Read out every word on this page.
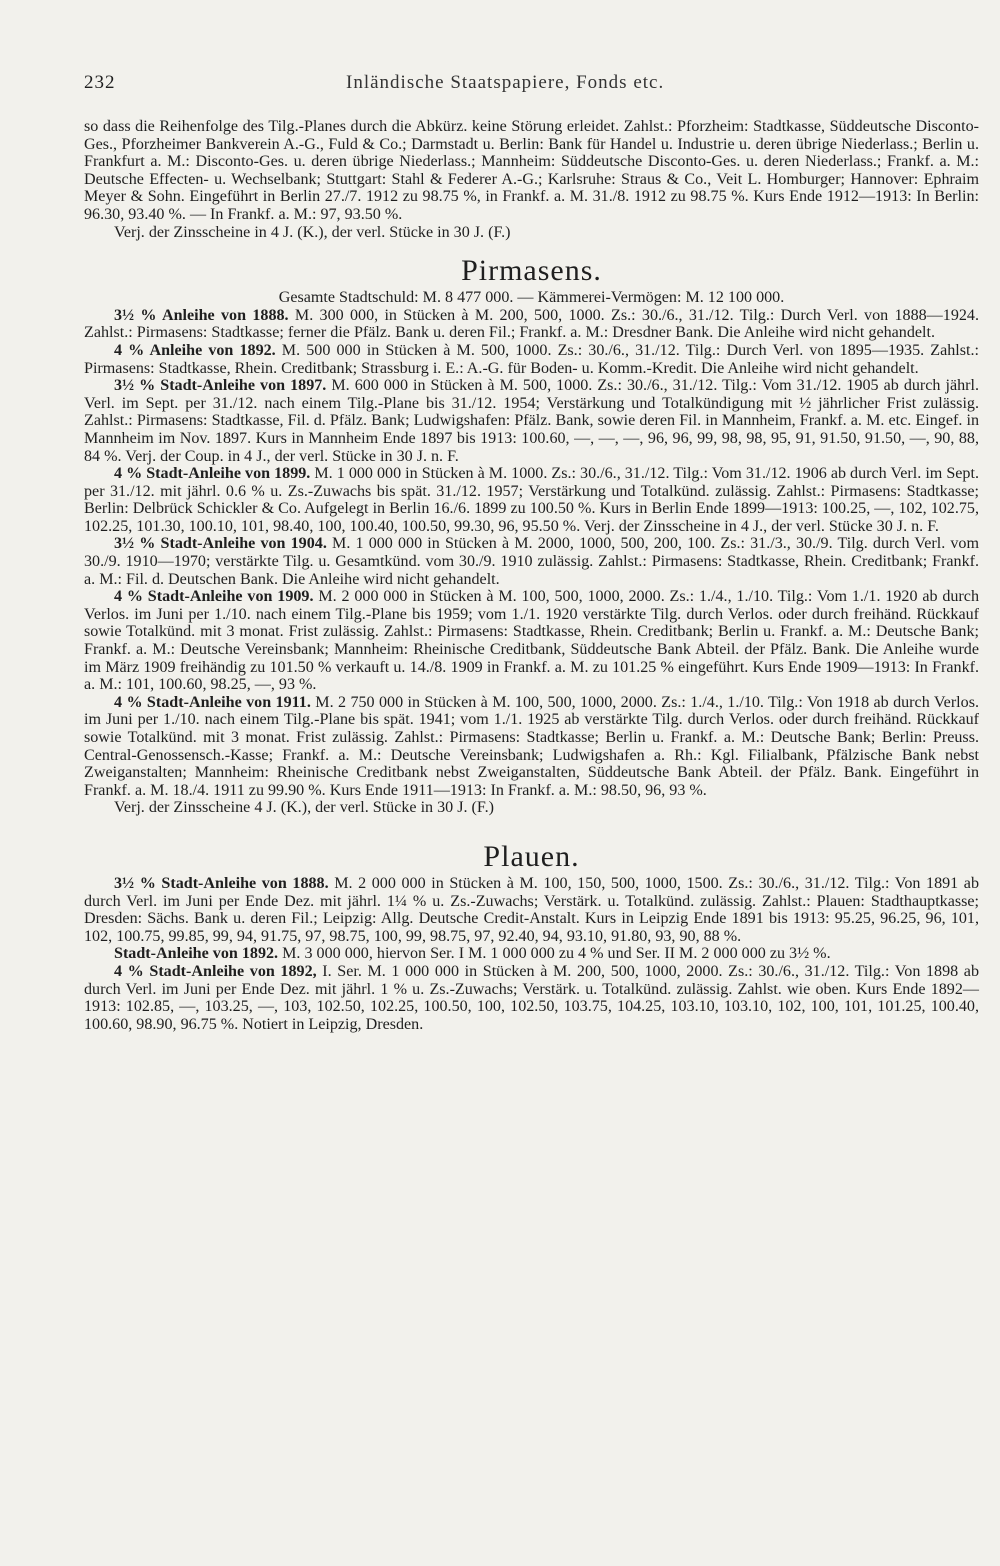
232	Inländische Staatspapiere, Fonds etc.

so dass die Reihenfolge des Tilg.-Planes durch die Abkürz. keine Störung erleidet. Zahlst.: Pforzheim: Stadtkasse, Süddeutsche Disconto-Ges., Pforzheimer Bankverein A.-G., Fuld & Co.; Darmstadt u. Berlin: Bank für Handel u. Industrie u. deren übrige Niederlass.; Berlin u. Frankfurt a. M.: Disconto-Ges. u. deren übrige Niederlass.; Mannheim: Süddeutsche Disconto-Ges. u. deren Niederlass.; Frankf. a. M.: Deutsche Effecten- u. Wechselbank; Stuttgart: Stahl & Federer A.-G.; Karlsruhe: Straus & Co., Veit L. Homburger; Hannover: Ephraim Meyer & Sohn. Eingeführt in Berlin 27./7. 1912 zu 98.75 %, in Frankf. a. M. 31./8. 1912 zu 98.75 %. Kurs Ende 1912—1913: In Berlin: 96.30, 93.40 %. — In Frankf. a. M.: 97, 93.50 %.

Verj. der Zinsscheine in 4 J. (K.), der verl. Stücke in 30 J. (F.)

Pirmasens.

Gesamte Stadtschuld: M. 8 477 000. — Kämmerei-Vermögen: M. 12 100 000.

3½ % Anleihe von 1888. M. 300 000, in Stücken à M. 200, 500, 1000. Zs.: 30./6., 31./12. Tilg.: Durch Verl. von 1888—1924. Zahlst.: Pirmasens: Stadtkasse; ferner die Pfälz. Bank u. deren Fil.; Frankf. a. M.: Dresdner Bank. Die Anleihe wird nicht gehandelt.

4 % Anleihe von 1892. M. 500 000 in Stücken à M. 500, 1000. Zs.: 30./6., 31./12. Tilg.: Durch Verl. von 1895—1935. Zahlst.: Pirmasens: Stadtkasse, Rhein. Creditbank; Strassburg i. E.: A.-G. für Boden- u. Komm.-Kredit. Die Anleihe wird nicht gehandelt.

3½ % Stadt-Anleihe von 1897. M. 600 000 in Stücken à M. 500, 1000. Zs.: 30./6., 31./12. Tilg.: Vom 31./12. 1905 ab durch jährl. Verl. im Sept. per 31./12. nach einem Tilg.-Plane bis 31./12. 1954; Verstärkung und Totalkündigung mit ½ jährlicher Frist zulässig. Zahlst.: Pirmasens: Stadtkasse, Fil. d. Pfälz. Bank; Ludwigshafen: Pfälz. Bank, sowie deren Fil. in Mannheim, Frankf. a. M. etc. Eingef. in Mannheim im Nov. 1897. Kurs in Mannheim Ende 1897 bis 1913: 100.60, —, —, —, 96, 96, 99, 98, 98, 95, 91, 91.50, 91.50, —, 90, 88, 84 %. Verj. der Coup. in 4 J., der verl. Stücke in 30 J. n. F.

4 % Stadt-Anleihe von 1899. M. 1 000 000 in Stücken à M. 1000. Zs.: 30./6., 31./12. Tilg.: Vom 31./12. 1906 ab durch Verl. im Sept. per 31./12. mit jährl. 0.6 % u. Zs.-Zuwachs bis spät. 31./12. 1957; Verstärkung und Totalkünd. zulässig. Zahlst.: Pirmasens: Stadtkasse; Berlin: Delbrück Schickler & Co. Aufgelegt in Berlin 16./6. 1899 zu 100.50 %. Kurs in Berlin Ende 1899—1913: 100.25, —, 102, 102.75, 102.25, 101.30, 100.10, 101, 98.40, 100, 100.40, 100.50, 99.30, 96, 95.50 %. Verj. der Zinsscheine in 4 J., der verl. Stücke 30 J. n. F.

3½ % Stadt-Anleihe von 1904. M. 1 000 000 in Stücken à M. 2000, 1000, 500, 200, 100. Zs.: 31./3., 30./9. Tilg. durch Verl. vom 30./9. 1910—1970; verstärkte Tilg. u. Gesamtkünd. vom 30./9. 1910 zulässig. Zahlst.: Pirmasens: Stadtkasse, Rhein. Creditbank; Frankf. a. M.: Fil. d. Deutschen Bank. Die Anleihe wird nicht gehandelt.

4 % Stadt-Anleihe von 1909. M. 2 000 000 in Stücken à M. 100, 500, 1000, 2000. Zs.: 1./4., 1./10. Tilg.: Vom 1./1. 1920 ab durch Verlos. im Juni per 1./10. nach einem Tilg.-Plane bis 1959; vom 1./1. 1920 verstärkte Tilg. durch Verlos. oder durch freihänd. Rückkauf sowie Totalkünd. mit 3 monat. Frist zulässig. Zahlst.: Pirmasens: Stadtkasse, Rhein. Creditbank; Berlin u. Frankf. a. M.: Deutsche Bank; Frankf. a. M.: Deutsche Vereinsbank; Mannheim: Rheinische Creditbank, Süddeutsche Bank Abteil. der Pfälz. Bank. Die Anleihe wurde im März 1909 freihändig zu 101.50 % verkauft u. 14./8. 1909 in Frankf. a. M. zu 101.25 % eingeführt. Kurs Ende 1909—1913: In Frankf. a. M.: 101, 100.60, 98.25, —, 93 %.

4 % Stadt-Anleihe von 1911. M. 2 750 000 in Stücken à M. 100, 500, 1000, 2000. Zs.: 1./4., 1./10. Tilg.: Von 1918 ab durch Verlos. im Juni per 1./10. nach einem Tilg.-Plane bis spät. 1941; vom 1./1. 1925 ab verstärkte Tilg. durch Verlos. oder durch freihänd. Rückkauf sowie Totalkünd. mit 3 monat. Frist zulässig. Zahlst.: Pirmasens: Stadtkasse; Berlin u. Frankf. a. M.: Deutsche Bank; Berlin: Preuss. Central-Genossensch.-Kasse; Frankf. a. M.: Deutsche Vereinsbank; Ludwigshafen a. Rh.: Kgl. Filialbank, Pfälzische Bank nebst Zweiganstalten; Mannheim: Rheinische Creditbank nebst Zweiganstalten, Süddeutsche Bank Abteil. der Pfälz. Bank. Eingeführt in Frankf. a. M. 18./4. 1911 zu 99.90 %. Kurs Ende 1911—1913: In Frankf. a. M.: 98.50, 96, 93 %.

Verj. der Zinsscheine 4 J. (K.), der verl. Stücke in 30 J. (F.)

Plauen.

3½ % Stadt-Anleihe von 1888. M. 2 000 000 in Stücken à M. 100, 150, 500, 1000, 1500. Zs.: 30./6., 31./12. Tilg.: Von 1891 ab durch Verl. im Juni per Ende Dez. mit jährl. 1¼ % u. Zs.-Zuwachs; Verstärk. u. Totalkünd. zulässig. Zahlst.: Plauen: Stadthauptkasse; Dresden: Sächs. Bank u. deren Fil.; Leipzig: Allg. Deutsche Credit-Anstalt. Kurs in Leipzig Ende 1891 bis 1913: 95.25, 96.25, 96, 101, 102, 100.75, 99.85, 99, 94, 91.75, 97, 98.75, 100, 99, 98.75, 97, 92.40, 94, 93.10, 91.80, 93, 90, 88 %.

Stadt-Anleihe von 1892. M. 3 000 000, hiervon Ser. I M. 1 000 000 zu 4 % und Ser. II M. 2 000 000 zu 3½ %.

4 % Stadt-Anleihe von 1892, I. Ser. M. 1 000 000 in Stücken à M. 200, 500, 1000, 2000. Zs.: 30./6., 31./12. Tilg.: Von 1898 ab durch Verl. im Juni per Ende Dez. mit jährl. 1 % u. Zs.-Zuwachs; Verstärk. u. Totalkünd. zulässig. Zahlst. wie oben. Kurs Ende 1892—1913: 102.85, —, 103.25, —, 103, 102.50, 102.25, 100.50, 100, 102.50, 103.75, 104.25, 103.10, 103.10, 102, 100, 101, 101.25, 100.40, 100.60, 98.90, 96.75 %. Notiert in Leipzig, Dresden.
